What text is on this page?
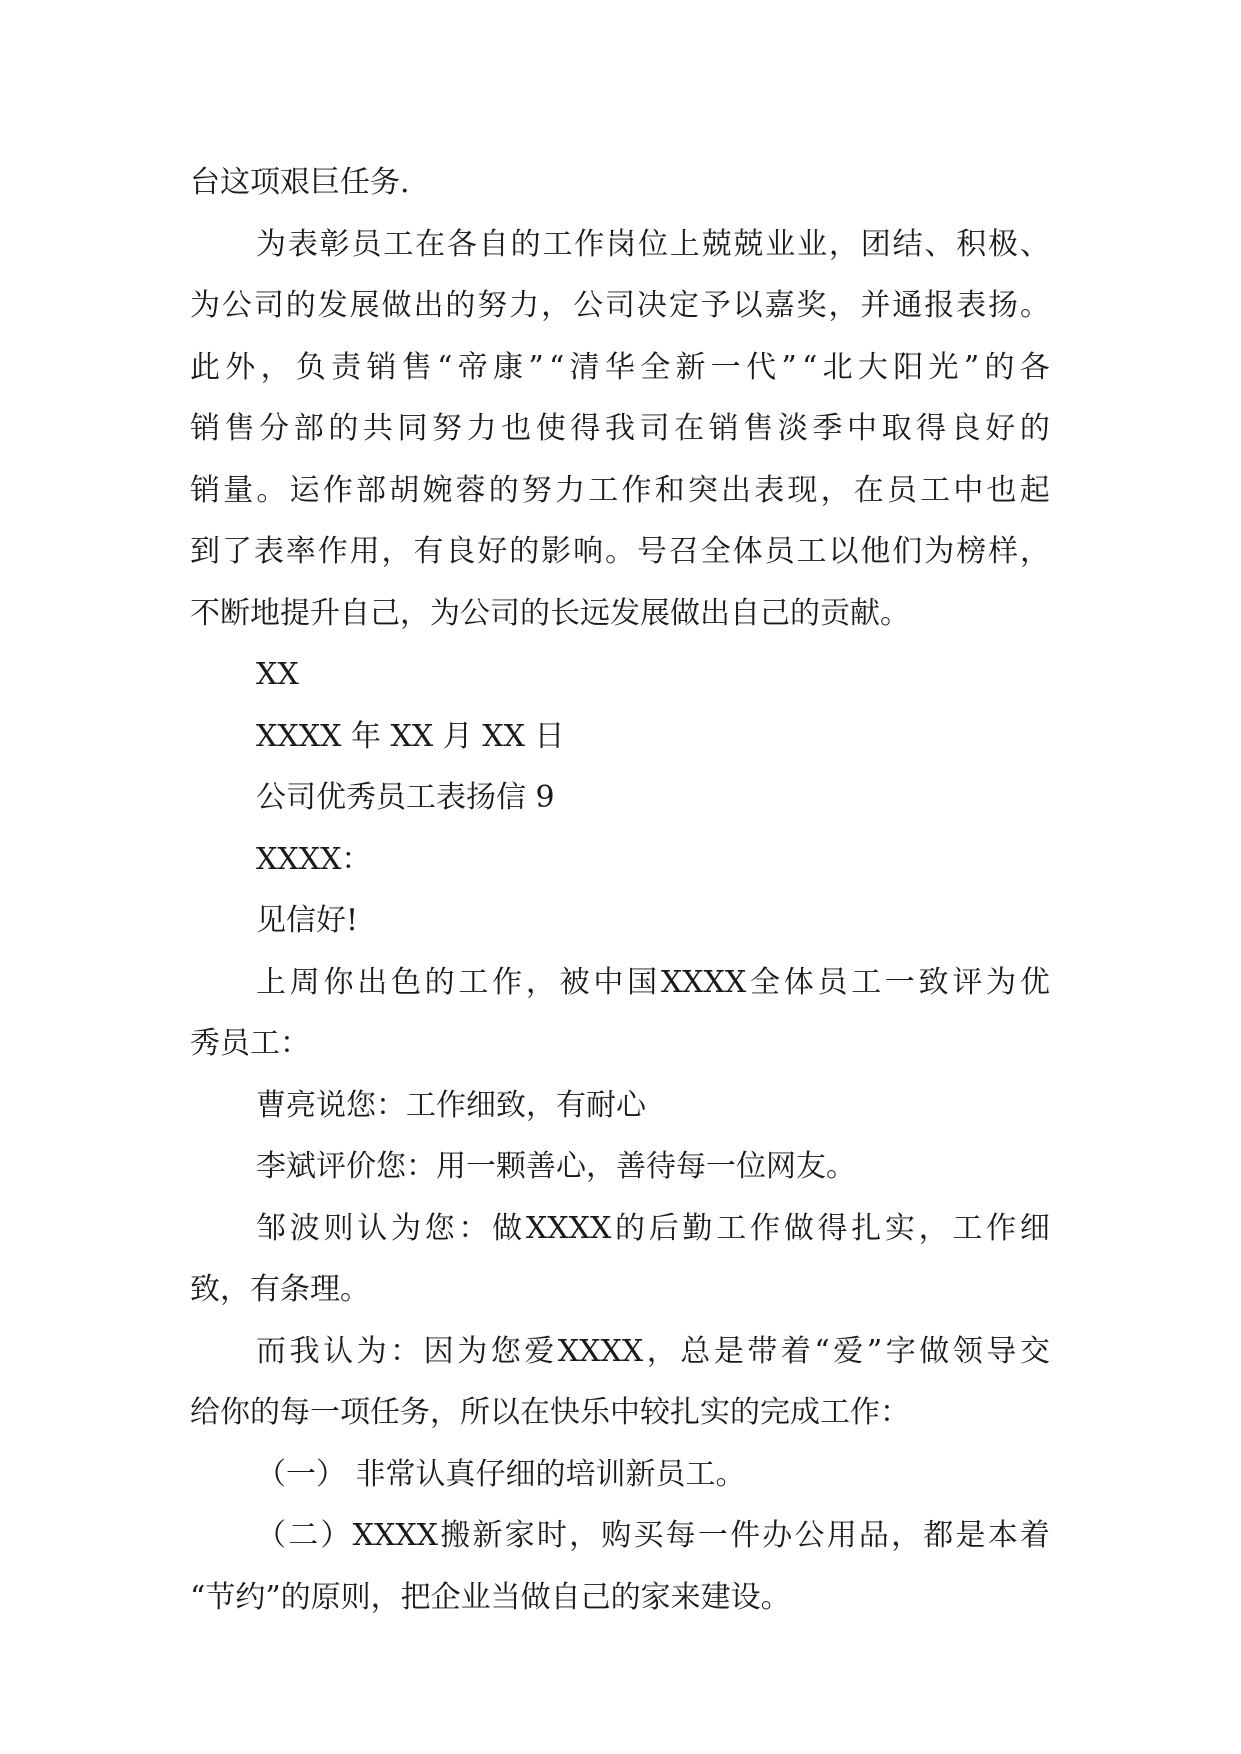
台这项艰巨任务.
为 表 彰 员 工 在 各 自 的 工 作 岗 位 上 兢 兢 业 业 ， 团 结 、 积 极 、
为 公 司 的 发 展 做 出 的 努 力 ， 公 司 决 定 予 以 嘉 奖 ， 并 通 报 表 扬 。
此 外 ， 负 责 销 售 “ 帝 康 ” “ 清 华 全 新 一 代 ” “ 北 大 阳 光 ” 的 各
销 售 分 部 的 共 同 努 力 也 使 得 我 司 在 销 售 淡 季 中 取 得 良 好 的
销 量 。 运 作 部 胡 婉 蓉 的 努 力 工 作 和 突 出 表 现 ， 在 员 工 中 也 起
到 了 表 率 作 用 ， 有 良 好 的 影 响 。 号 召 全 体 员 工 以 他 们 为 榜 样 ，
不断地提升自己，为公司的长远发展做出自己的贡献。
XX
XXXX 年 XX 月 XX 日
公司优秀员工表扬信 9
XXXX：
见信好!
上 周 你 出 色 的 工 作 ， 被 中 国 XXXX 全 体 员 工 一 致 评 为 优
秀员工：
曹亮说您：工作细致，有耐心
李斌评价您：用一颗善心，善待每一位网友。
邹 波 则 认 为 您 ： 做 XXXX 的 后 勤 工 作 做 得 扎 实 ， 工 作 细
致，有条理。
而 我 认 为 ： 因 为 您 爱 XXXX ， 总 是 带 着 “ 爱 ” 字 做 领 导 交
给你的每一项任务，所以在快乐中较扎实的完成工作：
（一） 非常认真仔细的培训新员工。
（ 二 ） XXXX 搬 新 家 时 ， 购 买 每 一 件 办 公 用 品 ， 都 是 本 着
“节约”的原则，把企业当做自己的家来建设。
